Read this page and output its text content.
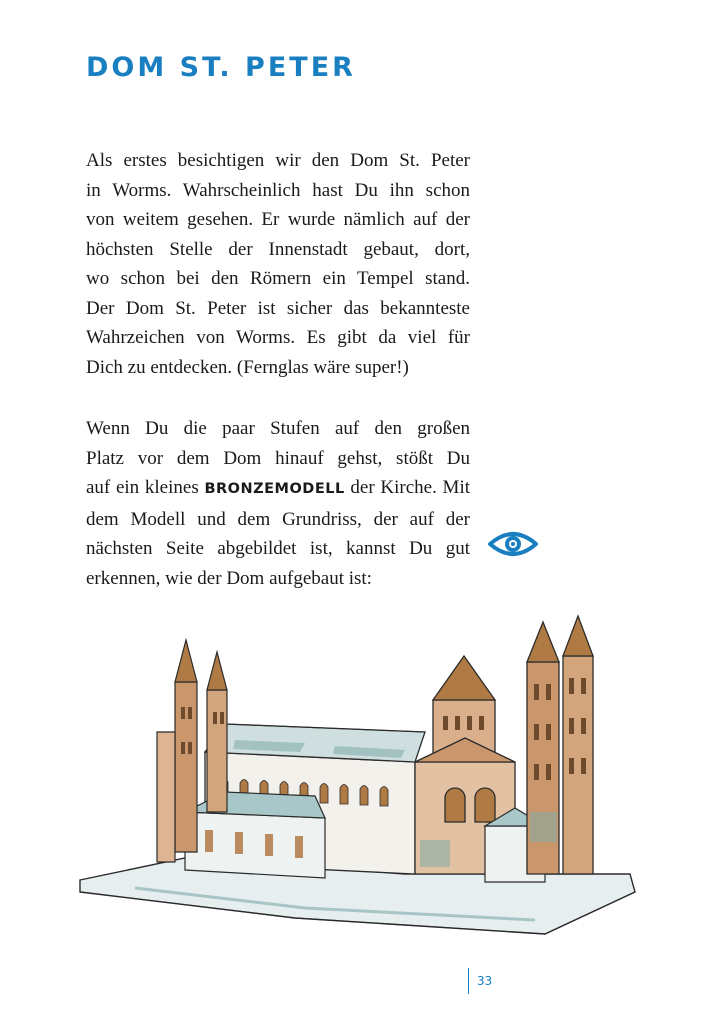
DOM ST. PETER
Als erstes besichtigen wir den Dom St. Peter
in Worms. Wahrscheinlich hast Du ihn schon
von weitem gesehen. Er wurde nämlich auf der
höchsten Stelle der Innenstadt gebaut, dort,
wo schon bei den Römern ein Tempel stand.
Der Dom St. Peter ist sicher das bekannteste
Wahrzeichen von Worms. Es gibt da viel für
Dich zu entdecken. (Fernglas wäre super!)
Wenn Du die paar Stufen auf den großen
Platz vor dem Dom hinauf gehst, stößt Du
auf ein kleines BRONZEMODELL der Kirche. Mit
dem Modell und dem Grundriss, der auf der
nächsten Seite abgebildet ist, kannst Du gut
erkennen, wie der Dom aufgebaut ist:
33
